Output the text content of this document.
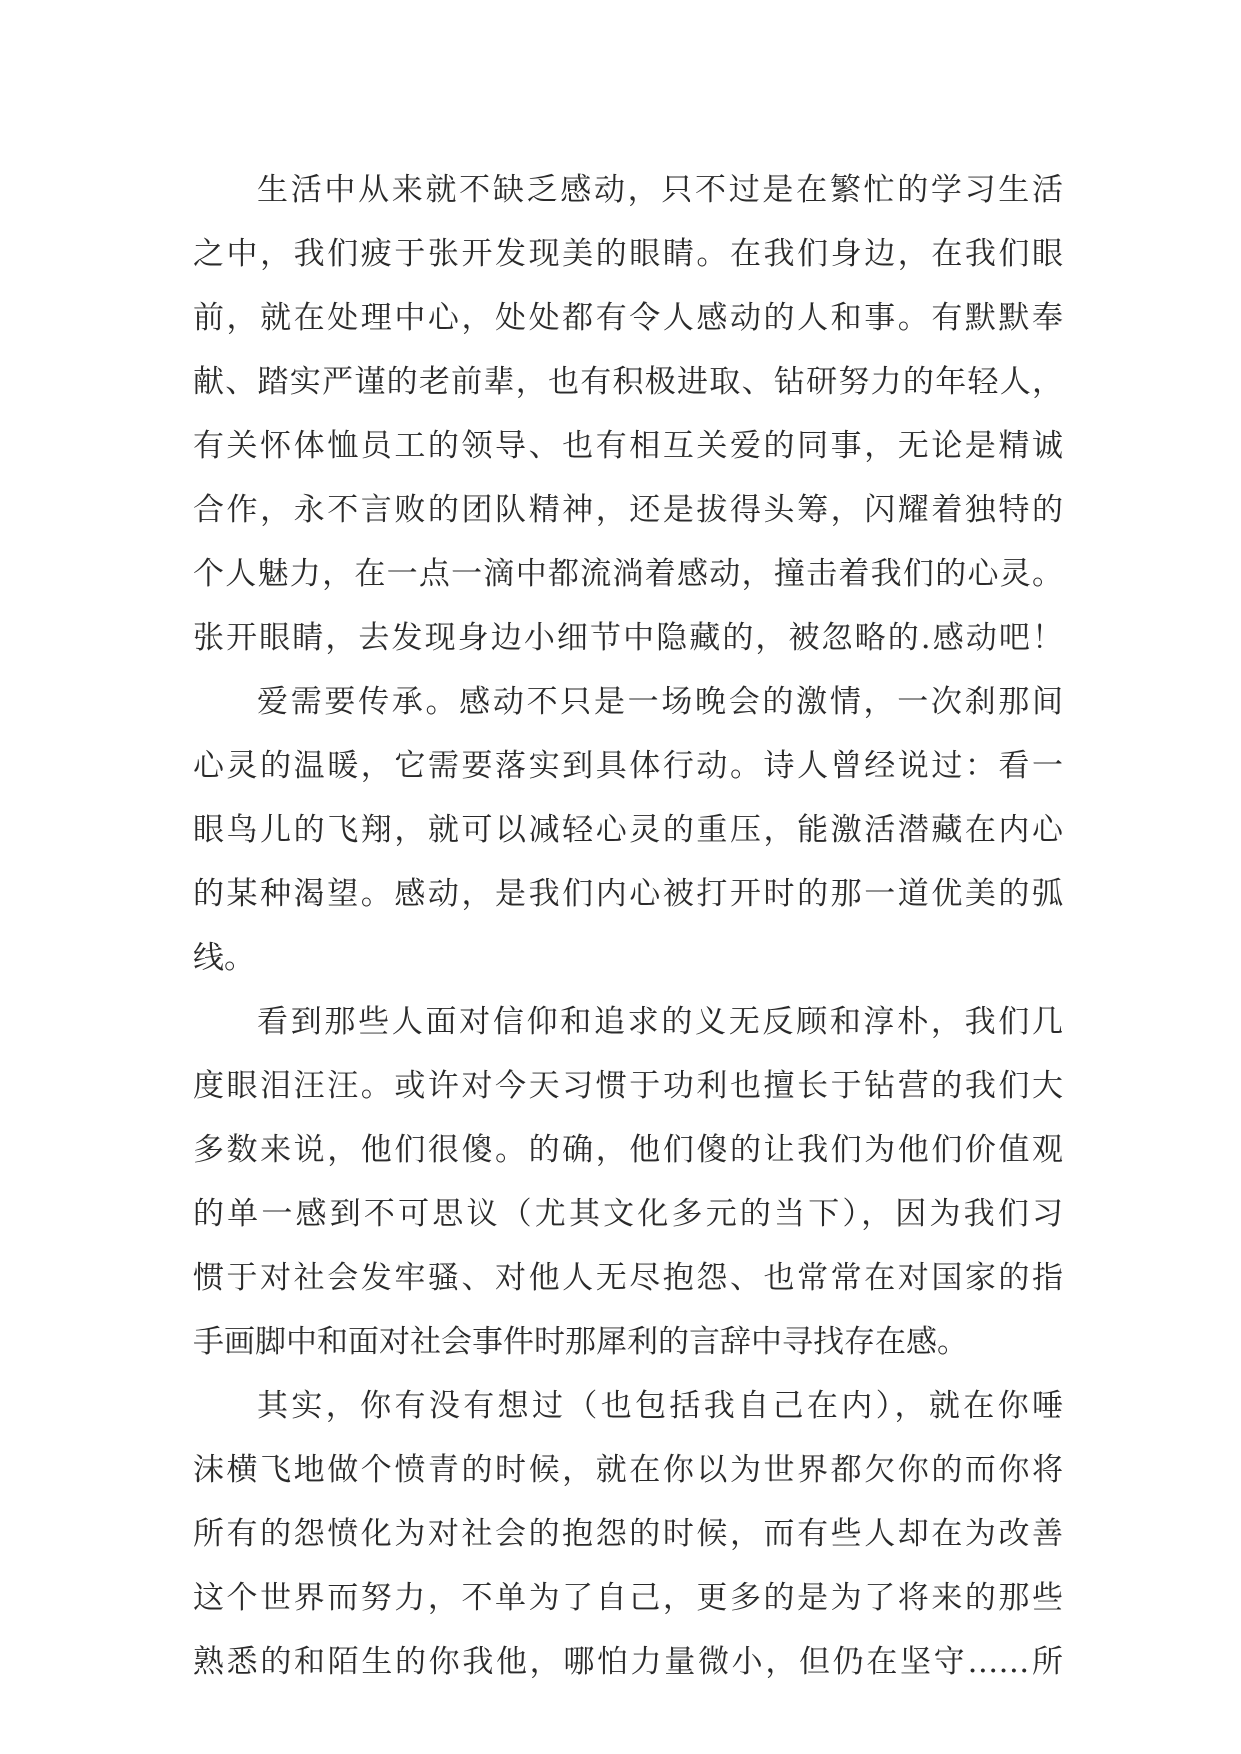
生活中从来就不缺乏感动，只不过是在繁忙的学习生活
之中，我们疲于张开发现美的眼睛。在我们身边，在我们眼
前，就在处理中心，处处都有令人感动的人和事。有默默奉
献、踏实严谨的老前辈，也有积极进取、钻研努力的年轻人，
有关怀体恤员工的领导、也有相互关爱的同事，无论是精诚
合作，永不言败的团队精神，还是拔得头筹，闪耀着独特的
个人魅力，在一点一滴中都流淌着感动，撞击着我们的心灵。
张开眼睛，去发现身边小细节中隐藏的，被忽略的.感动吧！
爱需要传承。感动不只是一场晚会的激情，一次刹那间
心灵的温暖，它需要落实到具体行动。诗人曾经说过：看一
眼鸟儿的飞翔，就可以减轻心灵的重压，能激活潜藏在内心
的某种渴望。感动，是我们内心被打开时的那一道优美的弧
线。
看到那些人面对信仰和追求的义无反顾和淳朴，我们几
度眼泪汪汪。或许对今天习惯于功利也擅长于钻营的我们大
多数来说，他们很傻。的确，他们傻的让我们为他们价值观
的单一感到不可思议（尤其文化多元的当下），因为我们习
惯于对社会发牢骚、对他人无尽抱怨、也常常在对国家的指
手画脚中和面对社会事件时那犀利的言辞中寻找存在感。
其实，你有没有想过（也包括我自己在内），就在你唾
沫横飞地做个愤青的时候，就在你以为世界都欠你的而你将
所有的怨愤化为对社会的抱怨的时候，而有些人却在为改善
这个世界而努力，不单为了自己，更多的是为了将来的那些
熟悉的和陌生的你我他，哪怕力量微小，但仍在坚守……所
